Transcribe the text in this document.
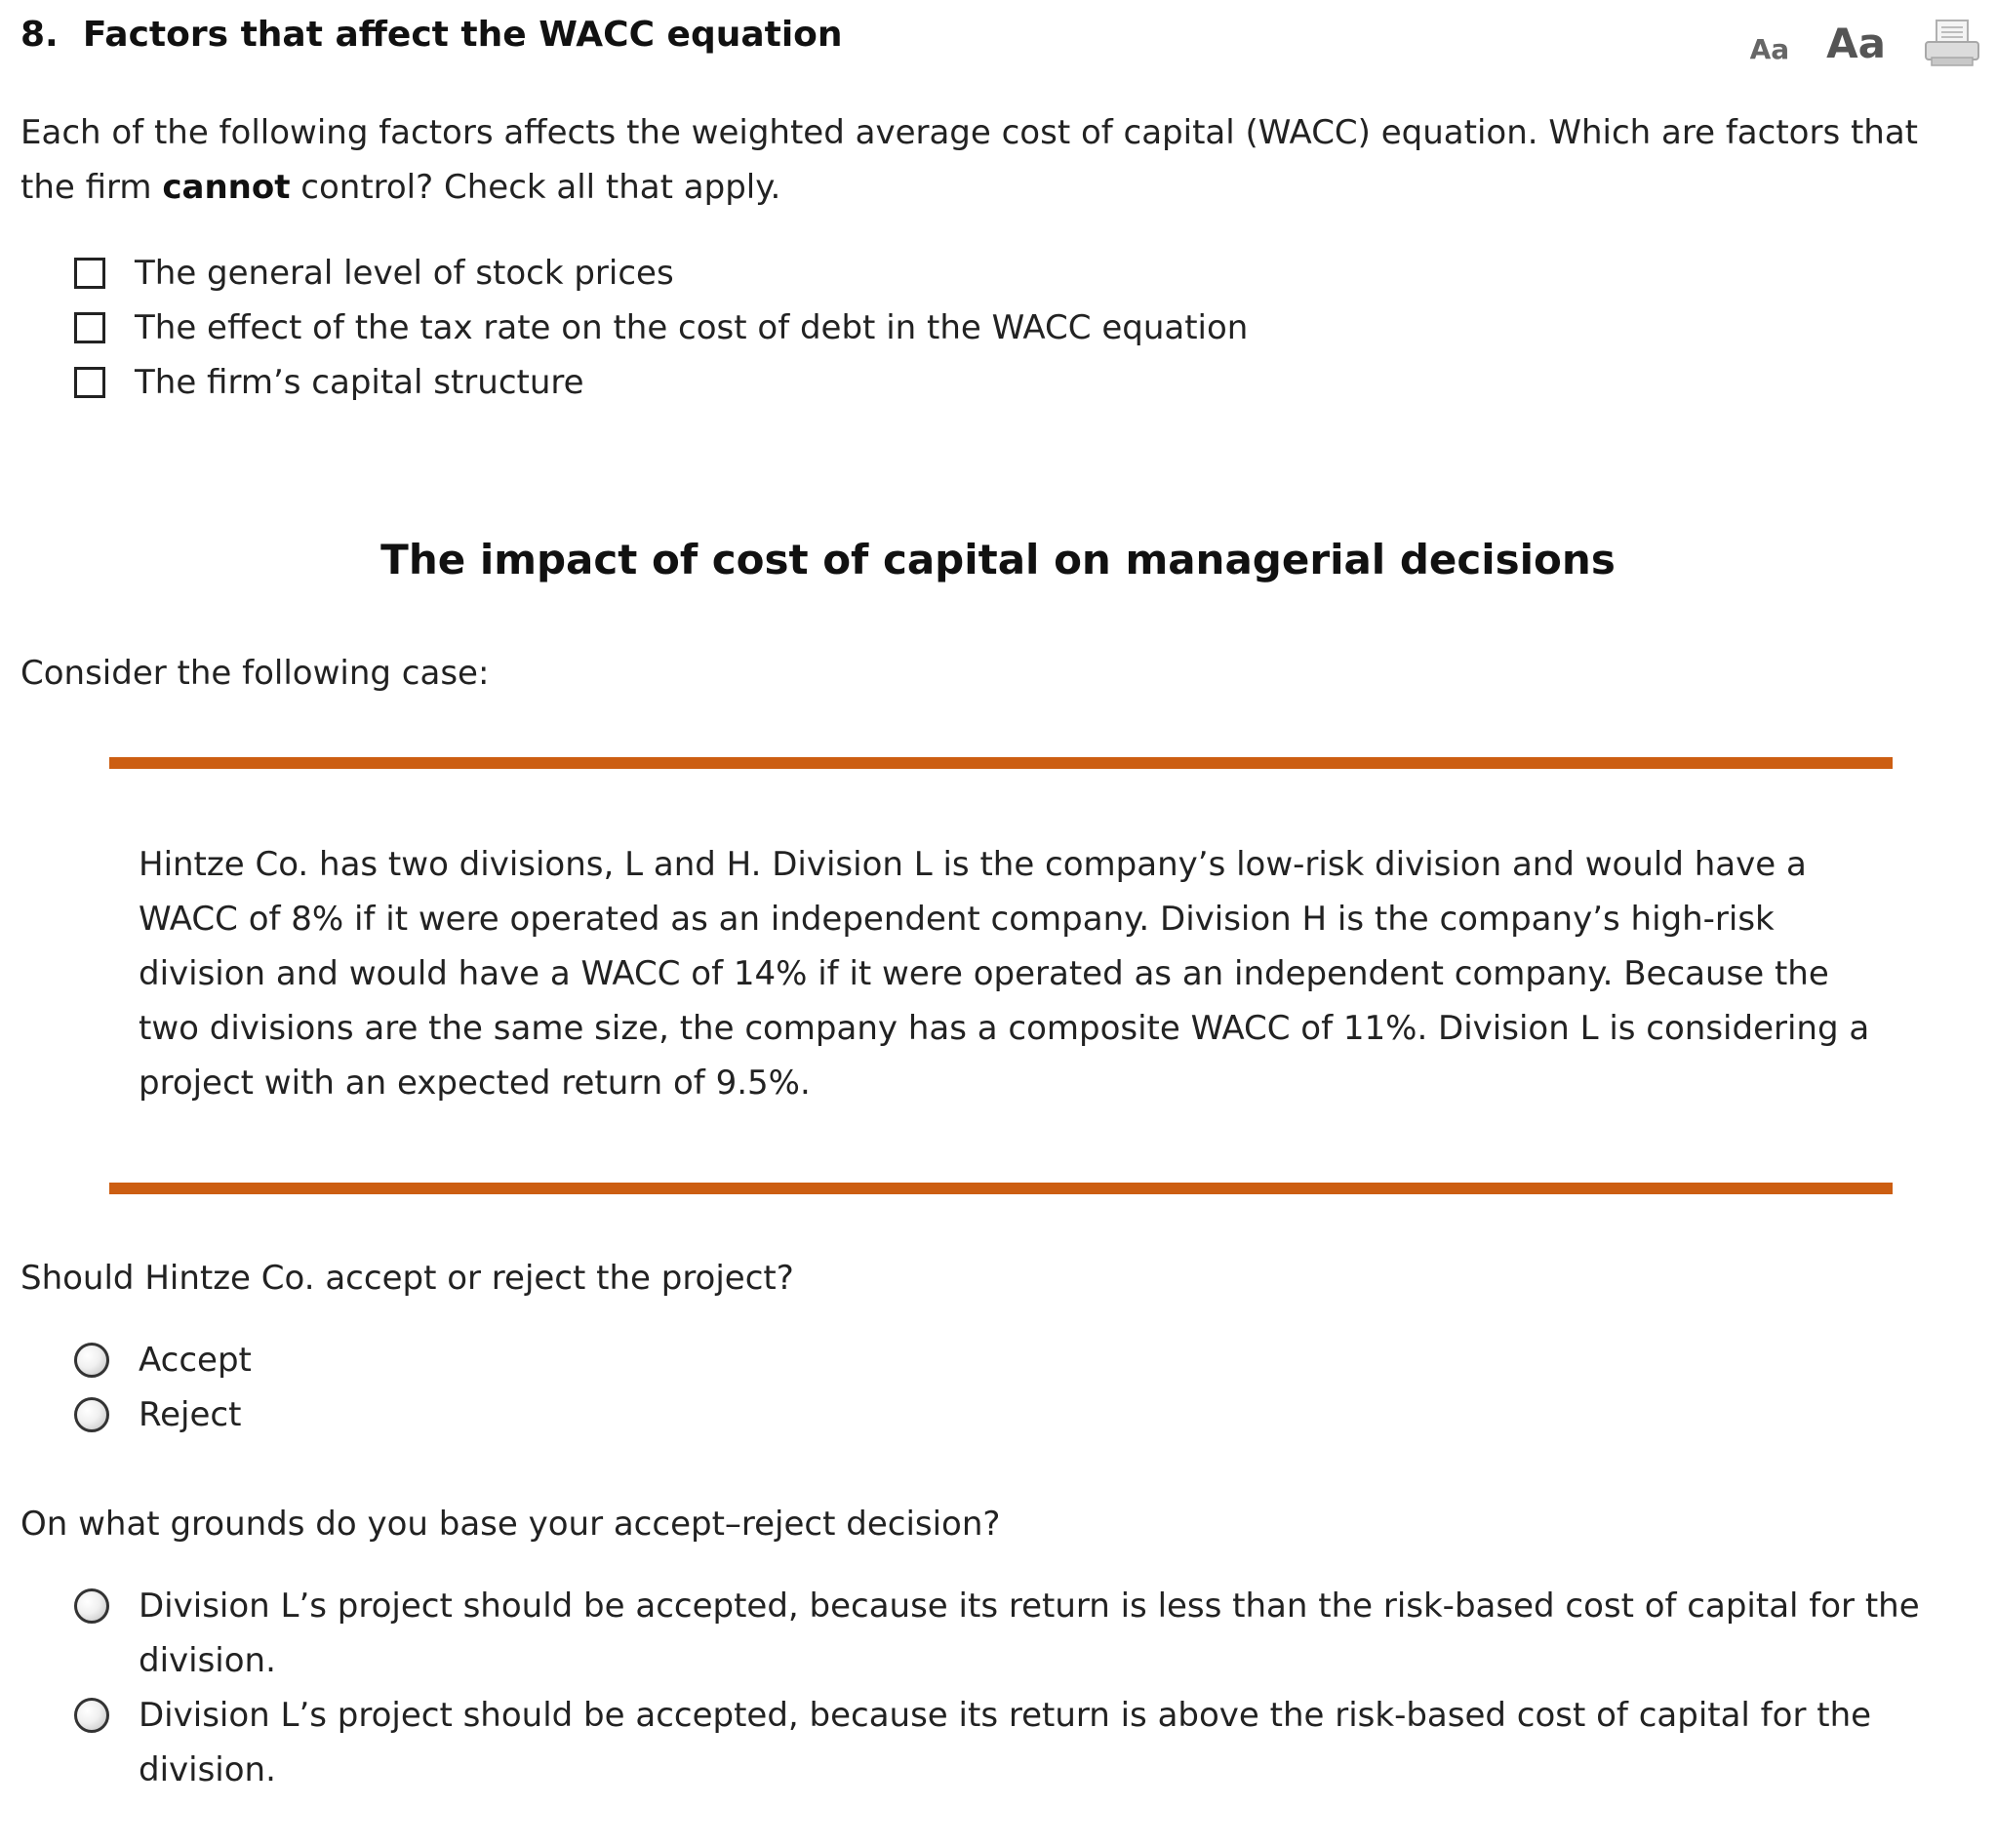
8. Factors that affect the WACC equation	Aa Aa
Each of the following factors affects the weighted average cost of capital (WACC) equation. Which are factors that the firm cannot control? Check all that apply.
The general level of stock prices
The effect of the tax rate on the cost of debt in the WACC equation
The firm’s capital structure
The impact of cost of capital on managerial decisions
Consider the following case:
Hintze Co. has two divisions, L and H. Division L is the company’s low-risk division and would have a WACC of 8% if it were operated as an independent company. Division H is the company’s high-risk division and would have a WACC of 14% if it were operated as an independent company. Because the two divisions are the same size, the company has a composite WACC of 11%. Division L is considering a project with an expected return of 9.5%.
Should Hintze Co. accept or reject the project?
Accept
Reject
On what grounds do you base your accept–reject decision?
Division L’s project should be accepted, because its return is less than the risk-based cost of capital for the division.
Division L’s project should be accepted, because its return is above the risk-based cost of capital for the division.
